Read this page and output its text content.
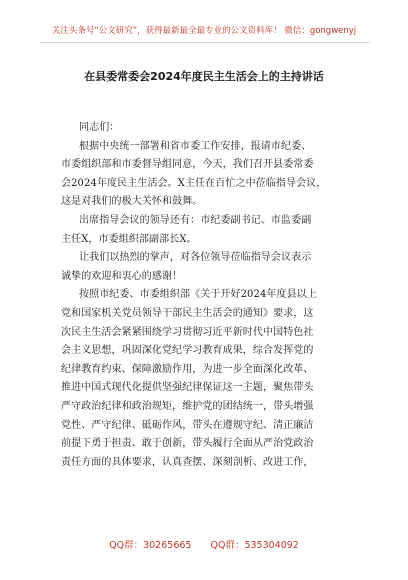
关注头条号“公文研究”，获得最新最全最专业的公文资料库！ 微信：gongwenyj
在县委常委会2024年度民主生活会上的主持讲话
同志们：
根据中央统一部署和省市委工作安排，报请市纪委、
市委组织部和市委督导组同意，今天，我们召开县委常委
会2024年度民主生活会。X主任在百忙之中莅临指导会议，
这是对我们的极大关怀和鼓舞。
出席指导会议的领导还有：市纪委副书记、市监委副
主任X，市委组织部副部长X。
让我们以热烈的掌声，对各位领导莅临指导会议表示
诚挚的欢迎和衷心的感谢！
按照市纪委、市委组织部《关于开好2024年度县以上
党和国家机关党员领导干部民主生活会的通知》要求，这
次民主生活会紧紧围绕学习贯彻习近平新时代中国特色社
会主义思想，巩固深化党纪学习教育成果，综合发挥党的
纪律教育约束、保障激励作用，为进一步全面深化改革、
推进中国式现代化提供坚强纪律保证这一主题，聚焦带头
严守政治纪律和政治规矩，维护党的团结统一，带头增强
党性、严守纪律、砥砺作风，带头在遵规守纪、清正廉洁
前提下勇于担责、敢于创新，带头履行全面从严治党政治
责任方面的具体要求，认真查摆、深刻剖析、改进工作，
QQ群：30265665 QQ群：535304092
